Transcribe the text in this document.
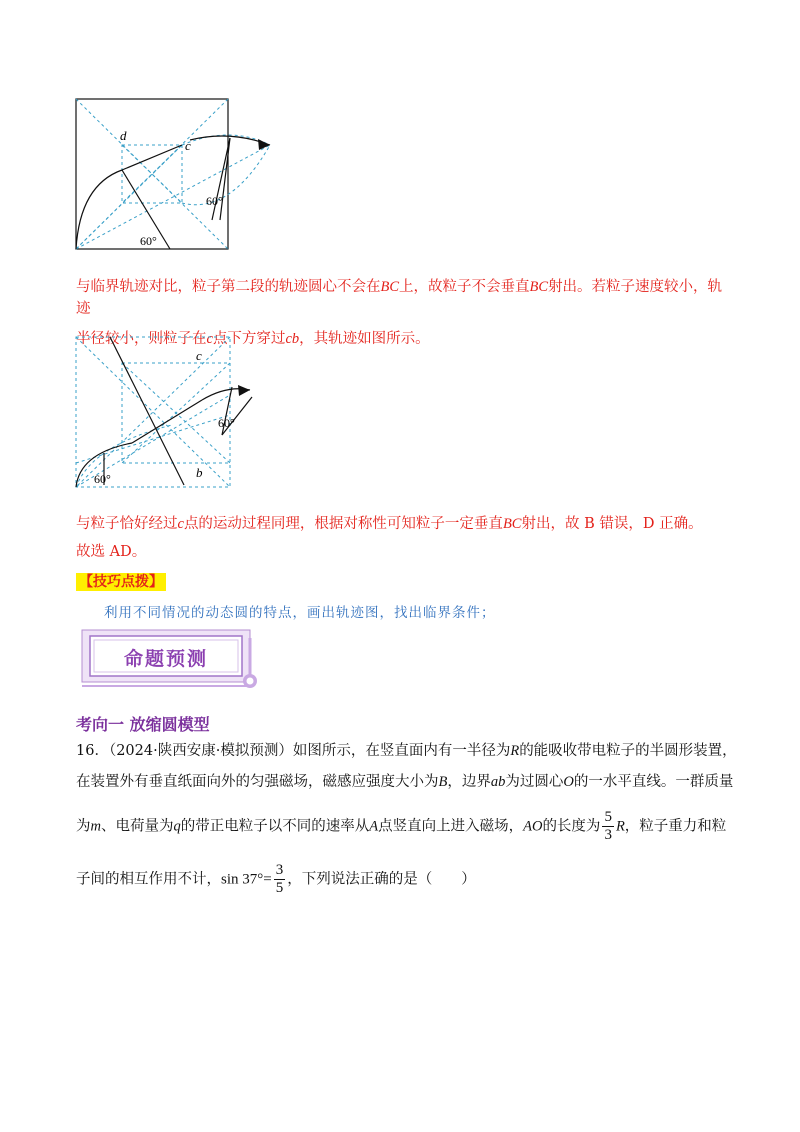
d
c
60°
60°
与临界轨迹对比，粒子第二段的轨迹圆心不会在BC上，故粒子不会垂直BC射出。若粒子速度较小，轨迹
半径较小，则粒子在c点下方穿过cb，其轨迹如图所示。
c
b
60°
60°
与粒子恰好经过c点的运动过程同理，根据对称性可知粒子一定垂直BC射出，故 B 错误，D 正确。
故选 AD。
【技巧点拨】
利用不同情况的动态圆的特点，画出轨迹图，找出临界条件；
命题预测
考向一 放缩圆模型
16．（2024·陕西安康·模拟预测）如图所示，在竖直面内有一半径为R的能吸收带电粒子的半圆形装置，
在装置外有垂直纸面向外的匀强磁场，磁感应强度大小为B，边界ab为过圆心O的一水平直线。一群质量
为m、电荷量为q的带正电粒子以不同的速率从A点竖直向上进入磁场，AO的长度为 $\frac{5}{3}$ R，粒子重力和粒
子间的相互作用不计，$\sin 37^\circ= \frac{3}{5}$ ，下列说法正确的是（　　）
